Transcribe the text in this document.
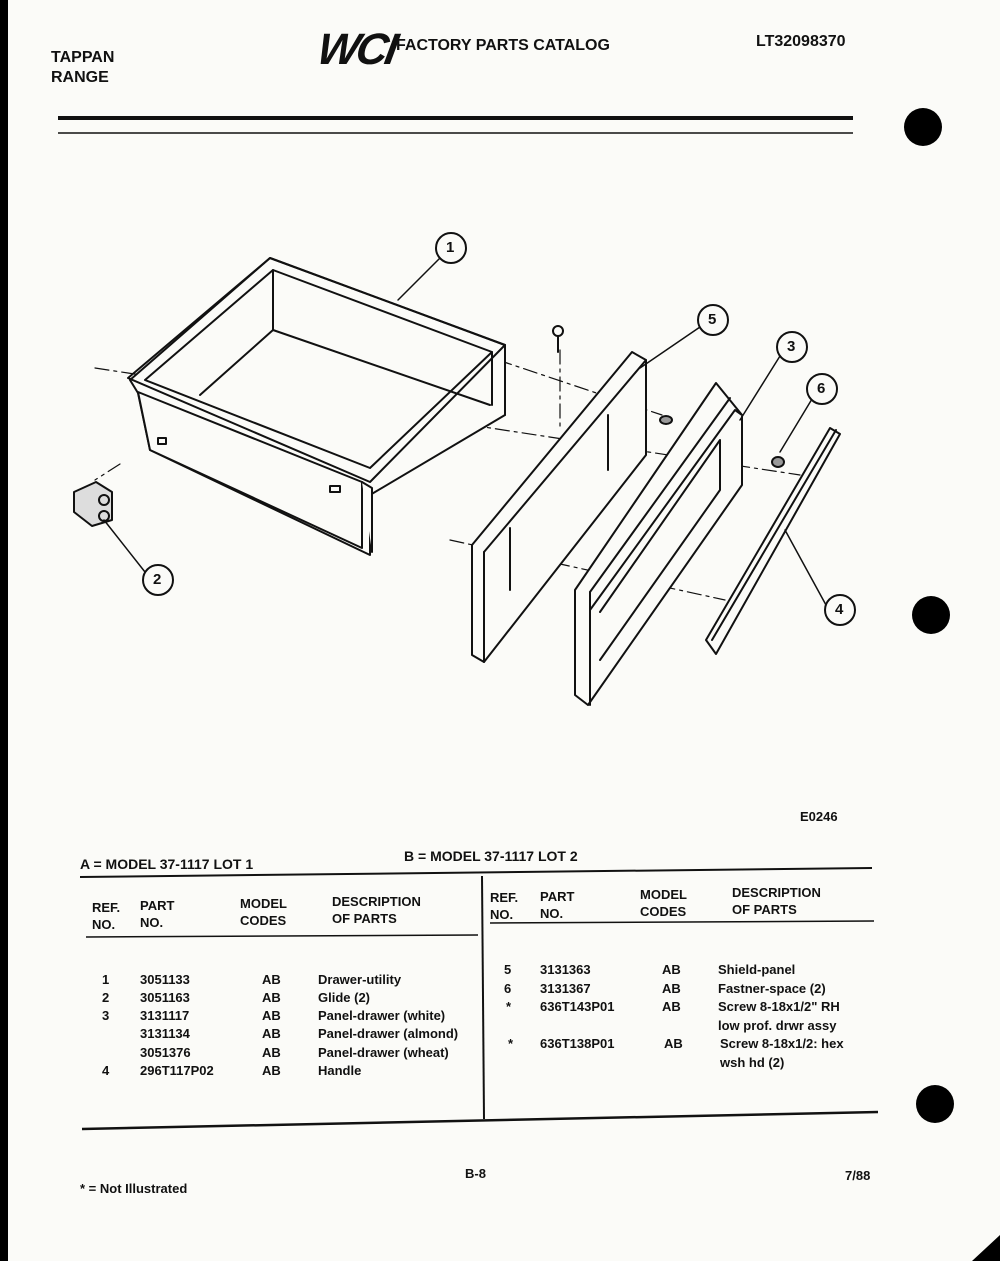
TAPPAN
RANGE
WCI
FACTORY PARTS CATALOG	LT32098370
1
2
3
4
5
6
E0246
A = MODEL 37-1117 LOT 1	B = MODEL 37-1117 LOT 2
REF.
NO.
PART
NO.
MODEL
CODES
DESCRIPTION
OF PARTS
REF.
NO.
PART
NO.
MODEL
CODES
DESCRIPTION
OF PARTS
1 3051133	AB	Drawer-utility
2 3051163	AB	Glide (2)
3 3131117	AB	Panel-drawer (white)
3131134	AB	Panel-drawer (almond)
3051376	AB	Panel-drawer (wheat)
4 296T117P02	AB	Handle
5 3131363	AB	Shield-panel
6 3131367	AB	Fastner-space (2)
* 636T143P01	AB	Screw 8-18x1/2" RH
low prof. drwr assy
* 636T138P01	AB	Screw 8-18x1/2: hex
wsh hd (2)
* = Not Illustrated
B-8	7/88
